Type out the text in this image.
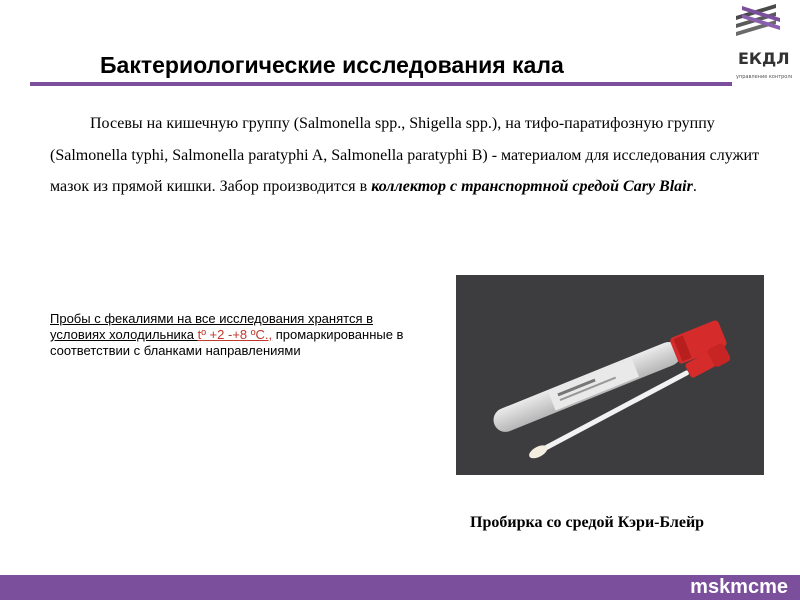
ЕКДЛ
управление контролем
Бактериологические исследования кала
Посевы на кишечную группу (Salmonella spp., Shigella spp.), на тифо-паратифозную группу (Salmonella typhi, Salmonella paratyphi A, Salmonella paratyphi B) - материалом для исследования служит мазок из прямой кишки. Забор производится в коллектор с транспортной средой Cary Blair.
Пробы с фекалиями на все исследования хранятся в условиях холодильника tº +2 -+8 ºC., промаркированные в соответствии с бланками направлениями
Пробирка со средой Кэри-Блейр
mskmcme
